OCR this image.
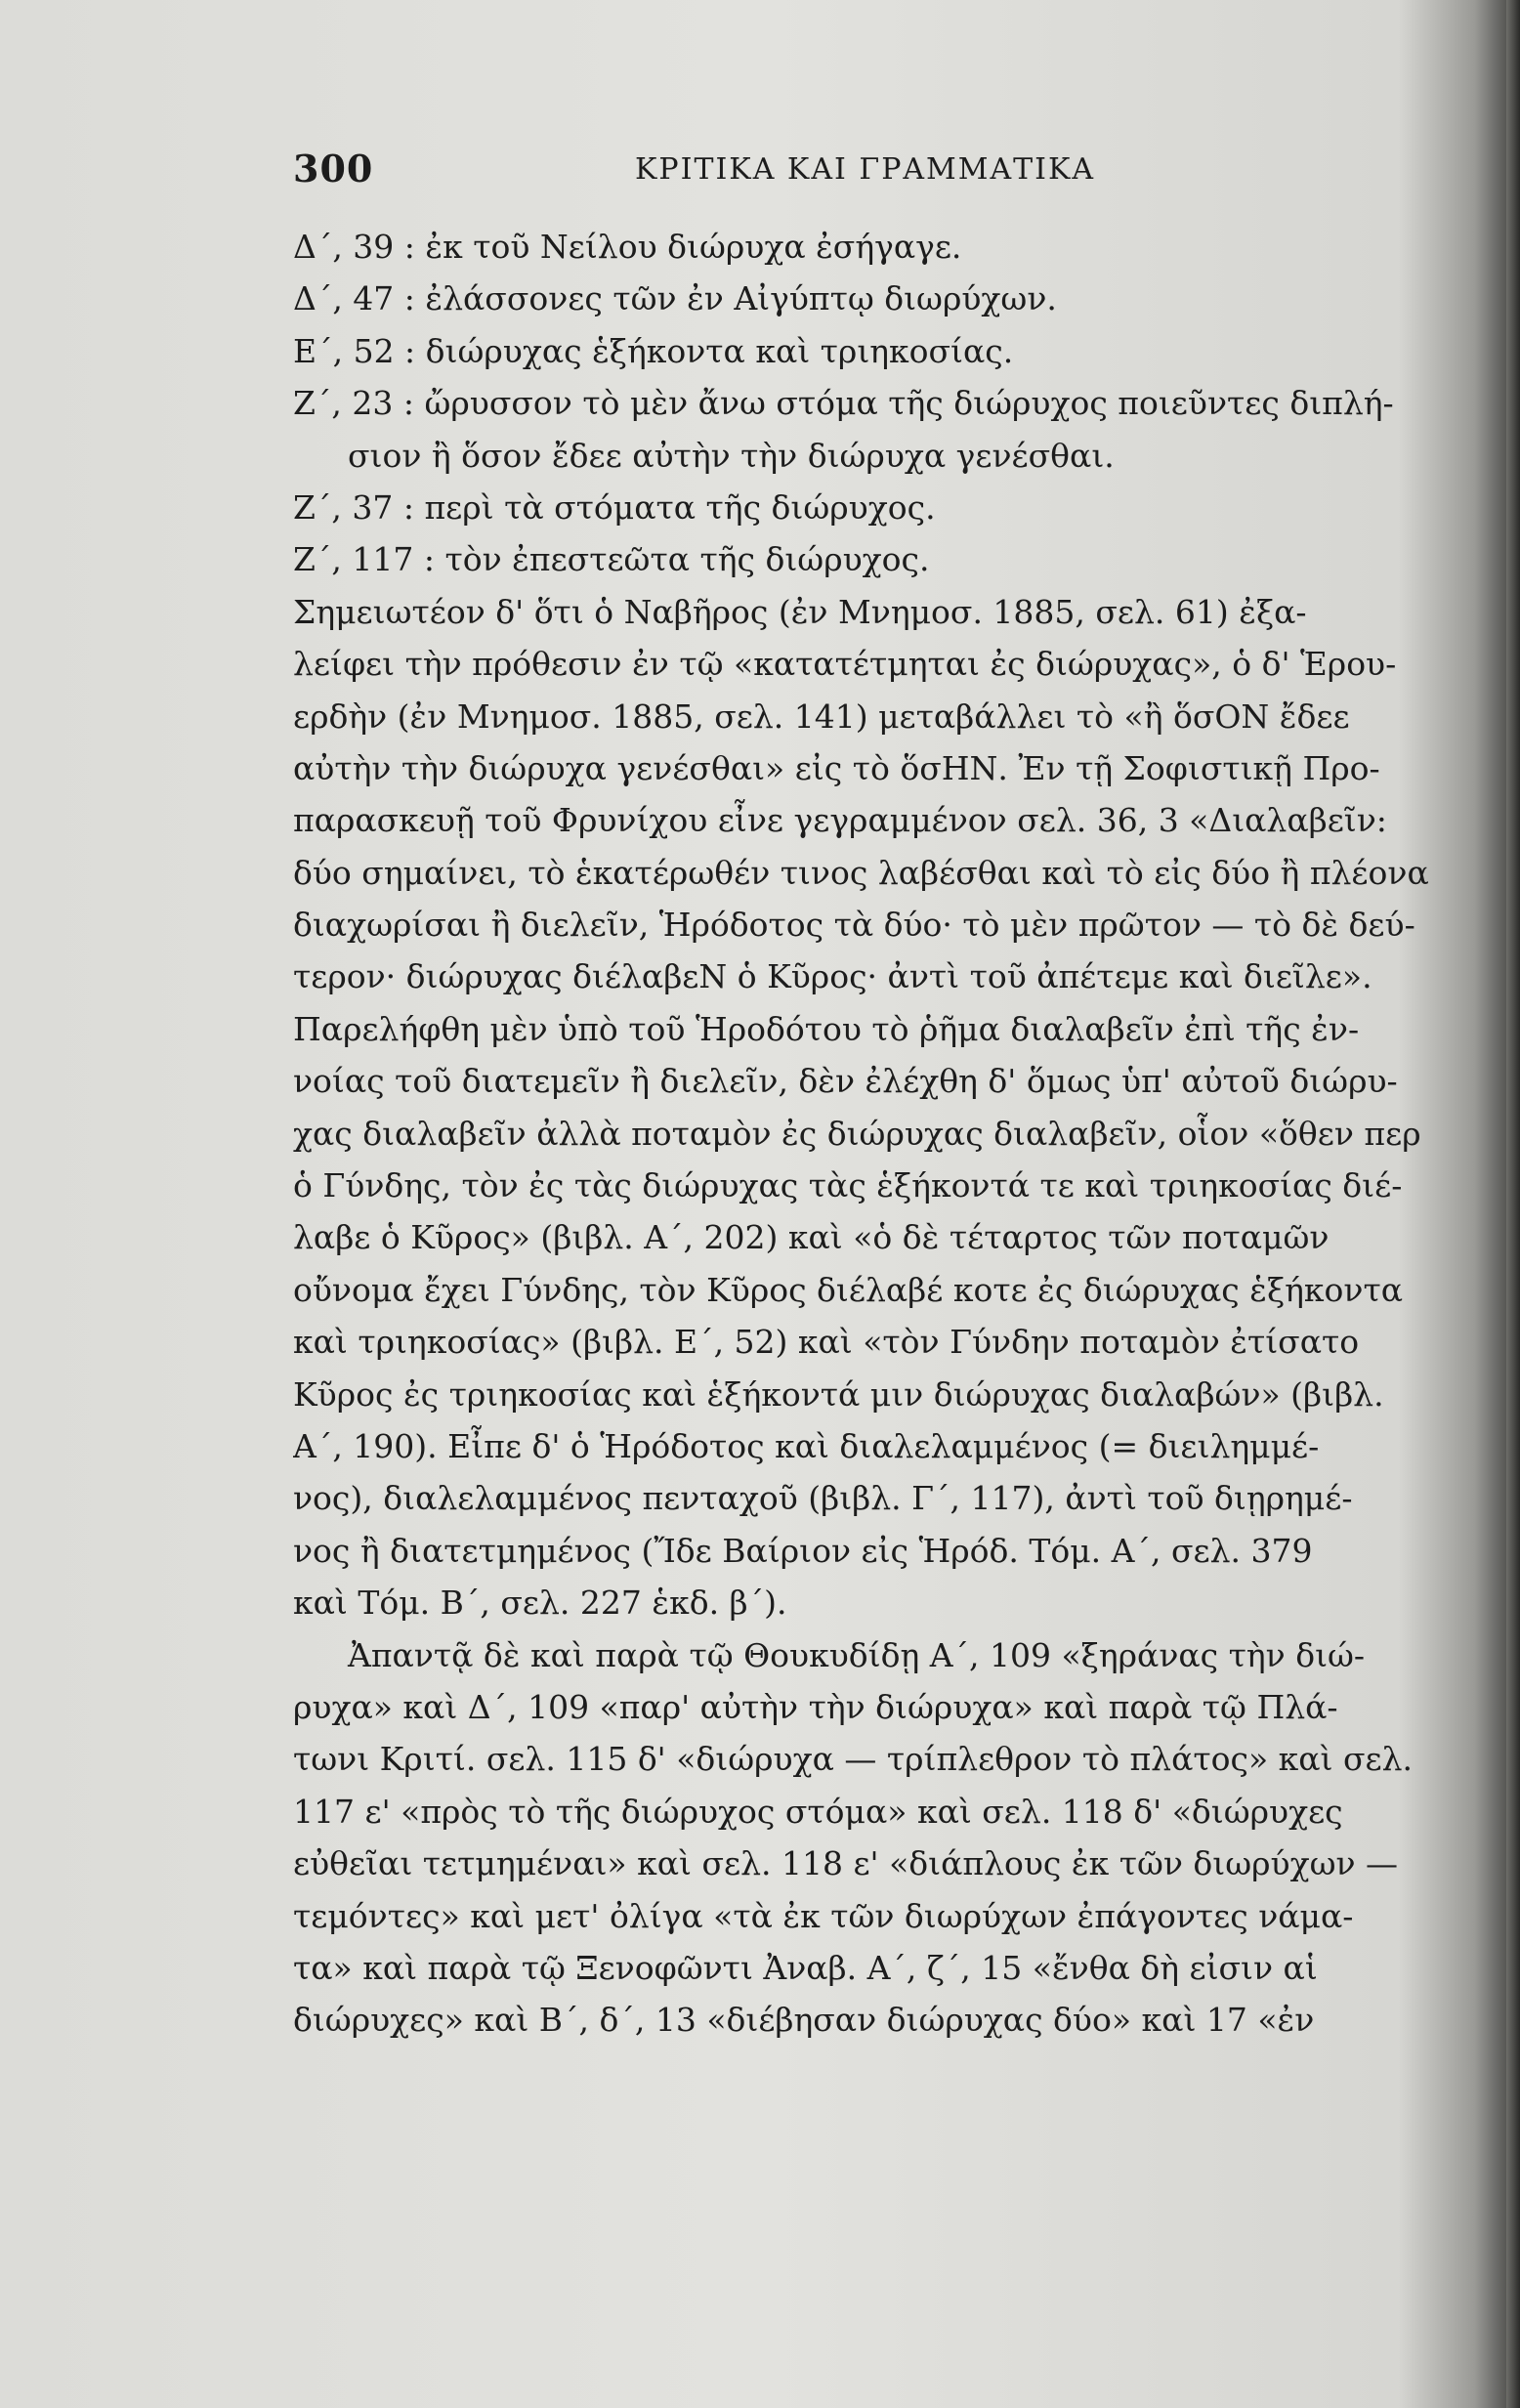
300	ΚΡΙΤΙΚΑ ΚΑΙ ΓΡΑΜΜΑΤΙΚΑ
Δ΄, 39 : ἐκ τοῦ Νείλου διώρυχα ἐσήγαγε.
Δ΄, 47 : ἐλάσσονες τῶν ἐν Αἰγύπτῳ διωρύχων.
Ε΄, 52 : διώρυχας ἑξήκοντα καὶ τριηκοσίας.
Ζ΄, 23 : ὤρυσσον τὸ μὲν ἄνω στόμα τῆς διώρυχος ποιεῦντες διπλή-
σιον ἢ ὅσον ἔδεε αὐτὴν τὴν διώρυχα γενέσθαι.
Ζ΄, 37 : περὶ τὰ στόματα τῆς διώρυχος.
Ζ΄, 117 : τὸν ἐπεστεῶτα τῆς διώρυχος.
Σημειωτέον δ' ὅτι ὁ Ναβῆρος (ἐν Μνημοσ. 1885, σελ. 61) ἐξα-
λείφει τὴν πρόθεσιν ἐν τῷ «κατατέτμηται ἐς διώρυχας», ὁ δ' Ἑρου-
ερδὴν (ἐν Μνημοσ. 1885, σελ. 141) μεταβάλλει τὸ «ἢ ὅσΟΝ ἔδεε
αὐτὴν τὴν διώρυχα γενέσθαι» εἰς τὸ ὅσΗΝ. Ἐν τῇ Σοφιστικῇ Προ-
παρασκευῇ τοῦ Φρυνίχου εἶνε γεγραμμένον σελ. 36, 3 «Διαλαβεῖν:
δύο σημαίνει, τὸ ἑκατέρωθέν τινος λαβέσθαι καὶ τὸ εἰς δύο ἢ πλέονα
διαχωρίσαι ἢ διελεῖν, Ἡρόδοτος τὰ δύο· τὸ μὲν πρῶτον — τὸ δὲ δεύ-
τερον· διώρυχας διέλαβεΝ ὁ Κῦρος· ἀντὶ τοῦ ἀπέτεμε καὶ διεῖλε».
Παρελήφθη μὲν ὑπὸ τοῦ Ἡροδότου τὸ ῥῆμα διαλαβεῖν ἐπὶ τῆς ἐν-
νοίας τοῦ διατεμεῖν ἢ διελεῖν, δὲν ἐλέχθη δ' ὅμως ὑπ' αὐτοῦ διώρυ-
χας διαλαβεῖν ἀλλὰ ποταμὸν ἐς διώρυχας διαλαβεῖν, οἷον «ὅθεν περ
ὁ Γύνδης, τὸν ἐς τὰς διώρυχας τὰς ἑξήκοντά τε καὶ τριηκοσίας διέ-
λαβε ὁ Κῦρος» (βιβλ. Α΄, 202) καὶ «ὁ δὲ τέταρτος τῶν ποταμῶν
οὔνομα ἔχει Γύνδης, τὸν Κῦρος διέλαβέ κοτε ἐς διώρυχας ἑξήκοντα
καὶ τριηκοσίας» (βιβλ. Ε΄, 52) καὶ «τὸν Γύνδην ποταμὸν ἐτίσατο
Κῦρος ἐς τριηκοσίας καὶ ἑξήκοντά μιν διώρυχας διαλαβών» (βιβλ.
Α΄, 190). Εἶπε δ' ὁ Ἡρόδοτος καὶ διαλελαμμένος (= διειλημμέ-
νος), διαλελαμμένος πενταχοῦ (βιβλ. Γ΄, 117), ἀντὶ τοῦ διῃρημέ-
νος ἢ διατετμημένος (Ἴδε Βαίριον εἰς Ἡρόδ. Τόμ. Α΄, σελ. 379
καὶ Τόμ. Β΄, σελ. 227 ἑκδ. β΄).
Ἀπαντᾷ δὲ καὶ παρὰ τῷ Θουκυδίδῃ Α΄, 109 «ξηράνας τὴν διώ-
ρυχα» καὶ Δ΄, 109 «παρ' αὐτὴν τὴν διώρυχα» καὶ παρὰ τῷ Πλά-
τωνι Κριτί. σελ. 115 δ' «διώρυχα — τρίπλεθρον τὸ πλάτος» καὶ σελ.
117 ε' «πρὸς τὸ τῆς διώρυχος στόμα» καὶ σελ. 118 δ' «διώρυχες
εὐθεῖαι τετμημέναι» καὶ σελ. 118 ε' «διάπλους ἐκ τῶν διωρύχων —
τεμόντες» καὶ μετ' ὀλίγα «τὰ ἐκ τῶν διωρύχων ἐπάγοντες νάμα-
τα» καὶ παρὰ τῷ Ξενοφῶντι Ἀναβ. Α΄, ζ΄, 15 «ἔνθα δὴ εἰσιν αἱ
διώρυχες» καὶ Β΄, δ΄, 13 «διέβησαν διώρυχας δύο» καὶ 17 «ἐν
